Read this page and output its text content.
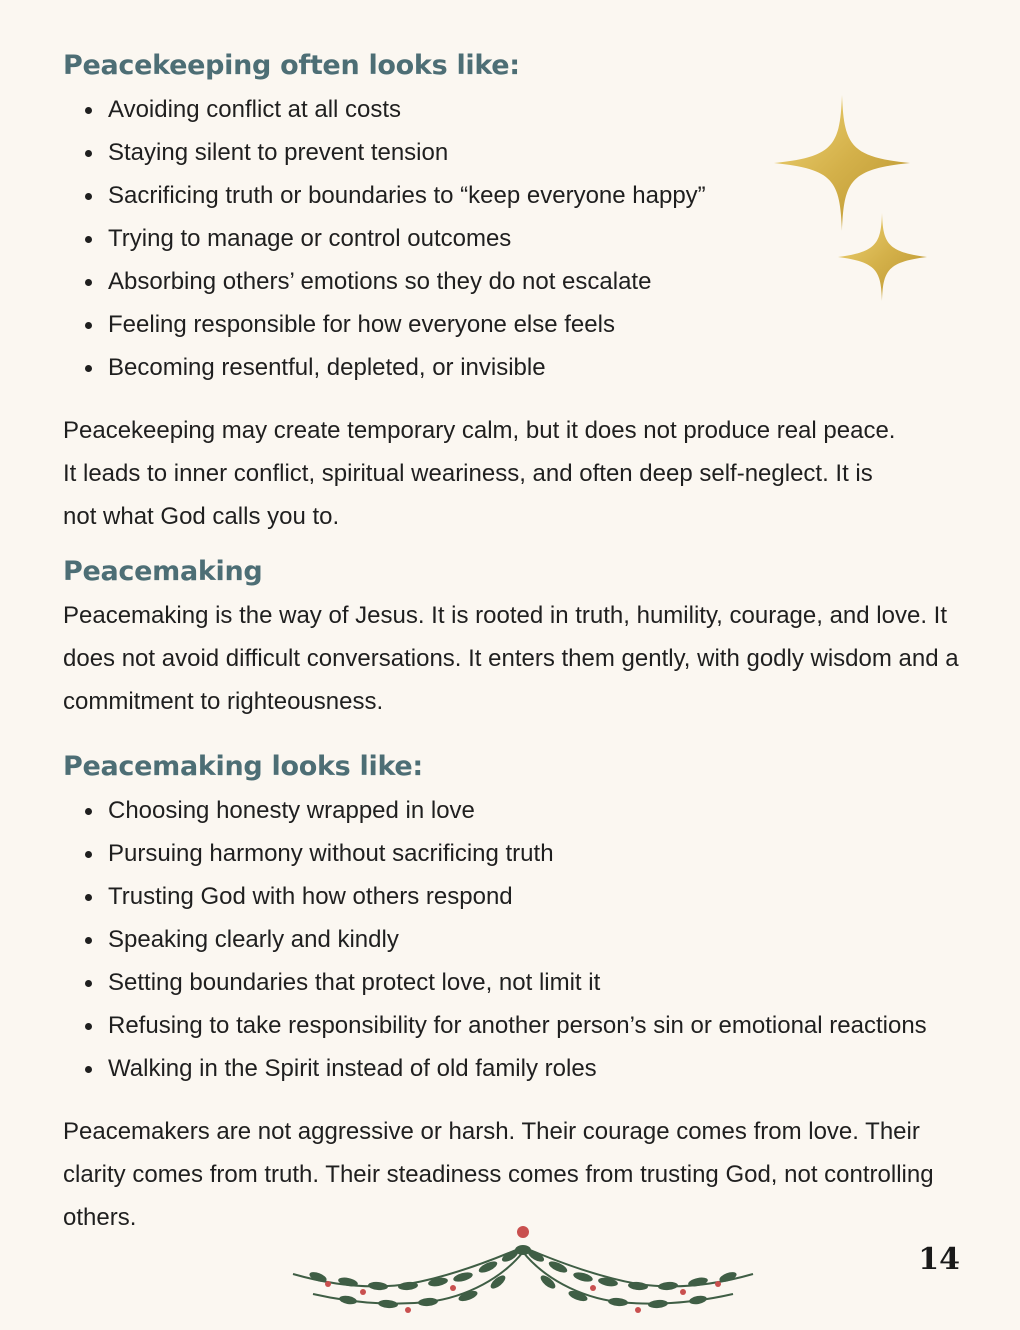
Peacekeeping often looks like:
Avoiding conflict at all costs
Staying silent to prevent tension
Sacrificing truth or boundaries to “keep everyone happy”
Trying to manage or control outcomes
Absorbing others’ emotions so they do not escalate
Feeling responsible for how everyone else feels
Becoming resentful, depleted, or invisible

Peacekeeping may create temporary calm, but it does not produce real peace. It leads to inner conflict, spiritual weariness, and often deep self-neglect. It is not what God calls you to.

Peacemaking

Peacemaking is the way of Jesus. It is rooted in truth, humility, courage, and love. It does not avoid difficult conversations. It enters them gently, with godly wisdom and a commitment to righteousness.

Peacemaking looks like:
Choosing honesty wrapped in love
Pursuing harmony without sacrificing truth
Trusting God with how others respond
Speaking clearly and kindly
Setting boundaries that protect love, not limit it
Refusing to take responsibility for another person’s sin or emotional reactions
Walking in the Spirit instead of old family roles

Peacemakers are not aggressive or harsh. Their courage comes from love. Their clarity comes from truth. Their steadiness comes from trusting God, not controlling others.

14
